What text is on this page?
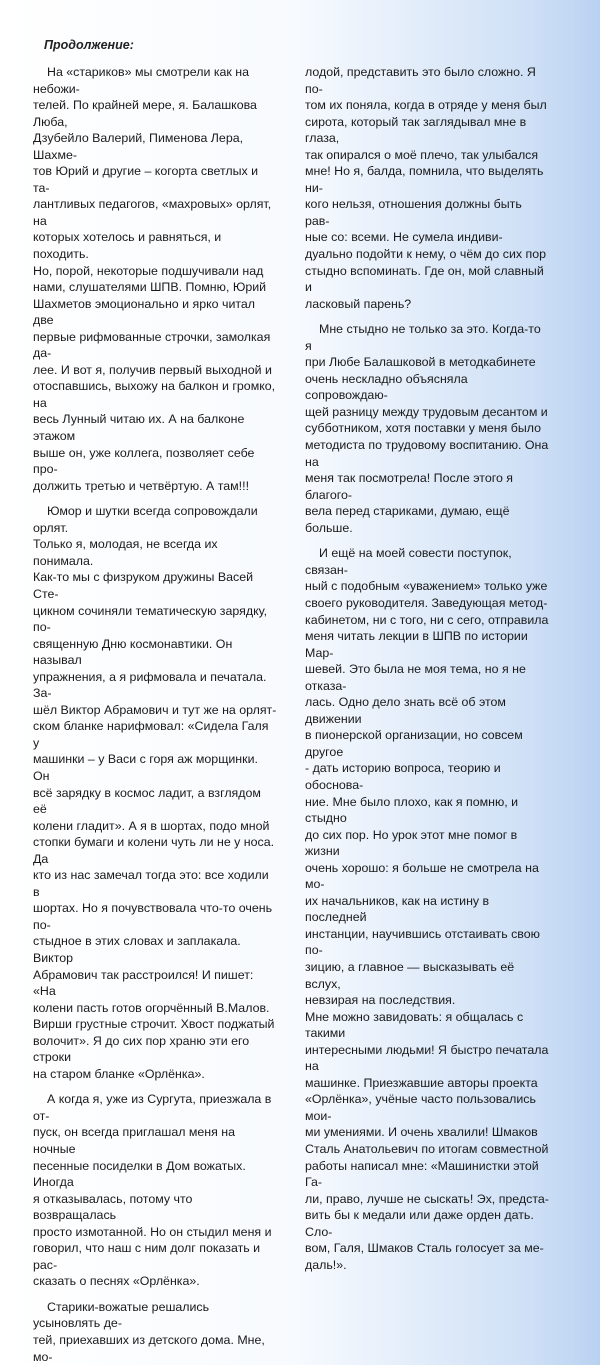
Продолжение:

На «стариков» мы смотрели как на небожи-
телей. По крайней мере, я. Балашкова Люба,
Дзубейло Валерий, Пименова Лера, Шахме-
тов Юрий и другие – когорта светлых и та-
лантливых педагогов, «махровых» орлят, на
которых хотелось и равняться, и походить.
Но, порой, некоторые подшучивали над
нами, слушателями ШПВ. Помню, Юрий
Шахметов эмоционально и ярко читал две
первые рифмованные строчки, замолкая да-
лее. И вот я, получив первый выходной и
отоспавшись, выхожу на балкон и громко, на
весь Лунный читаю их. А на балконе этажом
выше он, уже коллега, позволяет себе про-
должить третью и четвёртую. А там!!!

Юмор и шутки всегда сопровождали орлят.
Только я, молодая, не всегда их понимала.
Как-то мы с физруком дружины Васей Сте-
цикном сочиняли тематическую зарядку, по-
священную Дню космонавтики. Он называл
упражнения, а я рифмовала и печатала. За-
шёл Виктор Абрамович и тут же на орлят-
ском бланке нарифмовал: «Сидела Галя у
машинки – у Васи с горя аж морщинки. Он
всё зарядку в космос ладит, а взглядом её
колени гладит». А я в шортах, подо мной
стопки бумаги и колени чуть ли не у носа. Да
кто из нас замечал тогда это: все ходили в
шортах. Но я почувствовала что-то очень по-
стыдное в этих словах и заплакала. Виктор
Абрамович так расстроился! И пишет: «На
колени пасть готов огорчённый В.Малов.
Вирши грустные строчит. Хвост поджатый
волочит». Я до сих пор храню эти его строки
на старом бланке «Орлёнка».

А когда я, уже из Сургута, приезжала в от-
пуск, он всегда приглашал меня на ночные
песенные посиделки в Дом вожатых. Иногда
я отказывалась, потому что возвращалась
просто измотанной. Но он стыдил меня и
говорил, что наш с ним долг показать и рас-
сказать о песнях «Орлёнка».

Старики-вожатые решались усыновлять де-
тей, приехавших из детского дома. Мне, мо-

лодой, представить это было сложно. Я по-
том их поняла, когда в отряде у меня был
сирота, который так заглядывал мне в глаза,
так опирался о моё плечо, так улыбался
мне! Но я, балда, помнила, что выделять ни-
кого нельзя, отношения должны быть рав-
ные со: всеми. Не сумела индиви-
дуально подойти к нему, о чём до сих пор
стыдно вспоминать. Где он, мой славный и
ласковый парень?

Мне стыдно не только за это. Когда-то я
при Любе Балашковой в методкабинете
очень нескладно объясняла сопровождаю-
щей разницу между трудовым десантом и
субботником, хотя поставки у меня было
методиста по трудовому воспитанию. Она на
меня так посмотрела! После этого я благого-
вела перед стариками, думаю, ещё больше.

И ещё на моей совести поступок, связан-
ный с подобным «уважением» только уже
своего руководителя. Заведующая метод-
кабинетом, ни с того, ни с сего, отправила
меня читать лекции в ШПВ по истории Мар-
шевей. Это была не моя тема, но я не отказа-
лась. Одно дело знать всё об этом движении
в пионерской организации, но совсем другое
- дать историю вопроса, теорию и обоснова-
ние. Мне было плохо, как я помню, и стыдно
до сих пор. Но урок этот мне помог в жизни
очень хорошо: я больше не смотрела на мо-
их начальников, как на истину в последней
инстанции, научившись отстаивать свою по-
зицию, а главное — высказывать её вслух,
невзирая на последствия.

Мне можно завидовать: я общалась с такими
интересными людьми! Я быстро печатала на
машинке. Приезжавшие авторы проекта
«Орлёнка», учёные часто пользовались мои-
ми умениями. И очень хвалили! Шмаков
Сталь Анатольевич по итогам совместной
работы написал мне: «Машинистки этой Га-
ли, право, лучше не сыскать! Эх, предста-
вить бы к медали или даже орден дать. Сло-
вом, Галя, Шмаков Сталь голосует за ме-
даль!».
